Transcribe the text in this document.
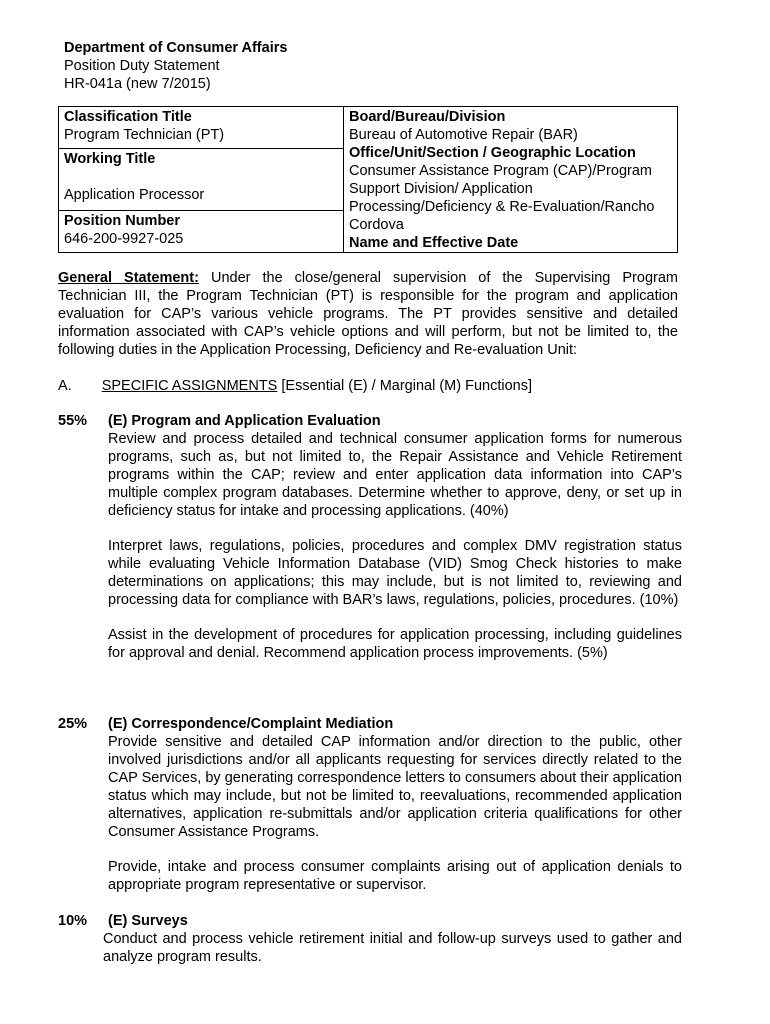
Department of Consumer Affairs
Position Duty Statement
HR-041a (new 7/2015)
Classification Title
Program Technician (PT)

Board/Bureau/Division
Bureau of Automotive Repair (BAR)
Office/Unit/Section / Geographic Location
Consumer Assistance Program (CAP)/Program Support Division/ Application Processing/Deficiency & Re-Evaluation/Rancho Cordova
Name and Effective Date

Working Title
Application Processor

Position Number
646-200-9927-025
General Statement: Under the close/general supervision of the Supervising Program Technician III, the Program Technician (PT) is responsible for the program and application evaluation for CAP’s various vehicle programs. The PT provides sensitive and detailed information associated with CAP’s vehicle options and will perform, but not be limited to, the following duties in the Application Processing, Deficiency and Re-evaluation Unit:
A. SPECIFIC ASSIGNMENTS [Essential (E) / Marginal (M) Functions]
55% (E) Program and Application Evaluation

Review and process detailed and technical consumer application forms for numerous programs, such as, but not limited to, the Repair Assistance and Vehicle Retirement programs within the CAP; review and enter application data information into CAP’s multiple complex program databases. Determine whether to approve, deny, or set up in deficiency status for intake and processing applications. (40%)

Interpret laws, regulations, policies, procedures and complex DMV registration status while evaluating Vehicle Information Database (VID) Smog Check histories to make determinations on applications; this may include, but is not limited to, reviewing and processing data for compliance with BAR’s laws, regulations, policies, procedures. (10%)

Assist in the development of procedures for application processing, including guidelines for approval and denial. Recommend application process improvements. (5%)

25% (E) Correspondence/Complaint Mediation

Provide sensitive and detailed CAP information and/or direction to the public, other involved jurisdictions and/or all applicants requesting for services directly related to the CAP Services, by generating correspondence letters to consumers about their application status which may include, but not be limited to, reevaluations, recommended application alternatives, application re-submittals and/or application criteria qualifications for other Consumer Assistance Programs.

Provide, intake and process consumer complaints arising out of application denials to appropriate program representative or supervisor.

10% (E) Surveys

Conduct and process vehicle retirement initial and follow-up surveys used to gather and analyze program results.
